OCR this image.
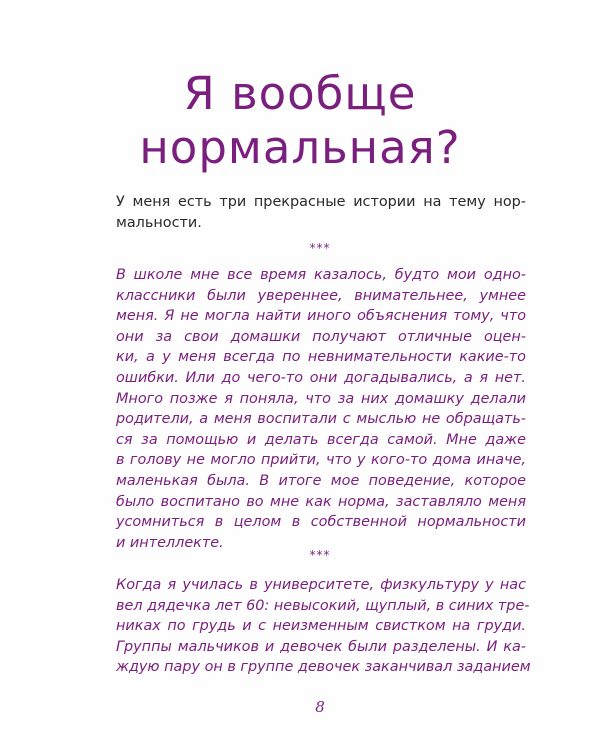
Я вообще
нормальная?
У меня есть три прекрасные истории на тему нор-
мальности.
***
В школе мне все время казалось, будто мои одно-
классники были увереннее, внимательнее, умнее
меня. Я не могла найти иного объяснения тому, что
они за свои домашки получают отличные оцен-
ки, а у меня всегда по невнимательности какие-то
ошибки. Или до чего-то они догадывались, а я нет.
Много позже я поняла, что за них домашку делали
родители, а меня воспитали с мыслью не обращать-
ся за помощью и делать всегда самой. Мне даже
в голову не могло прийти, что у кого-то дома иначе,
маленькая была. В итоге мое поведение, которое
было воспитано во мне как норма, заставляло меня
усомниться в целом в собственной нормальности
и интеллекте.
***
Когда я училась в университете, физкультуру у нас
вел дядечка лет 60: невысокий, щуплый, в синих тре-
никах по грудь и с неизменным свистком на груди.
Группы мальчиков и девочек были разделены. И ка-
ждую пару он в группе девочек заканчивал заданием
8
